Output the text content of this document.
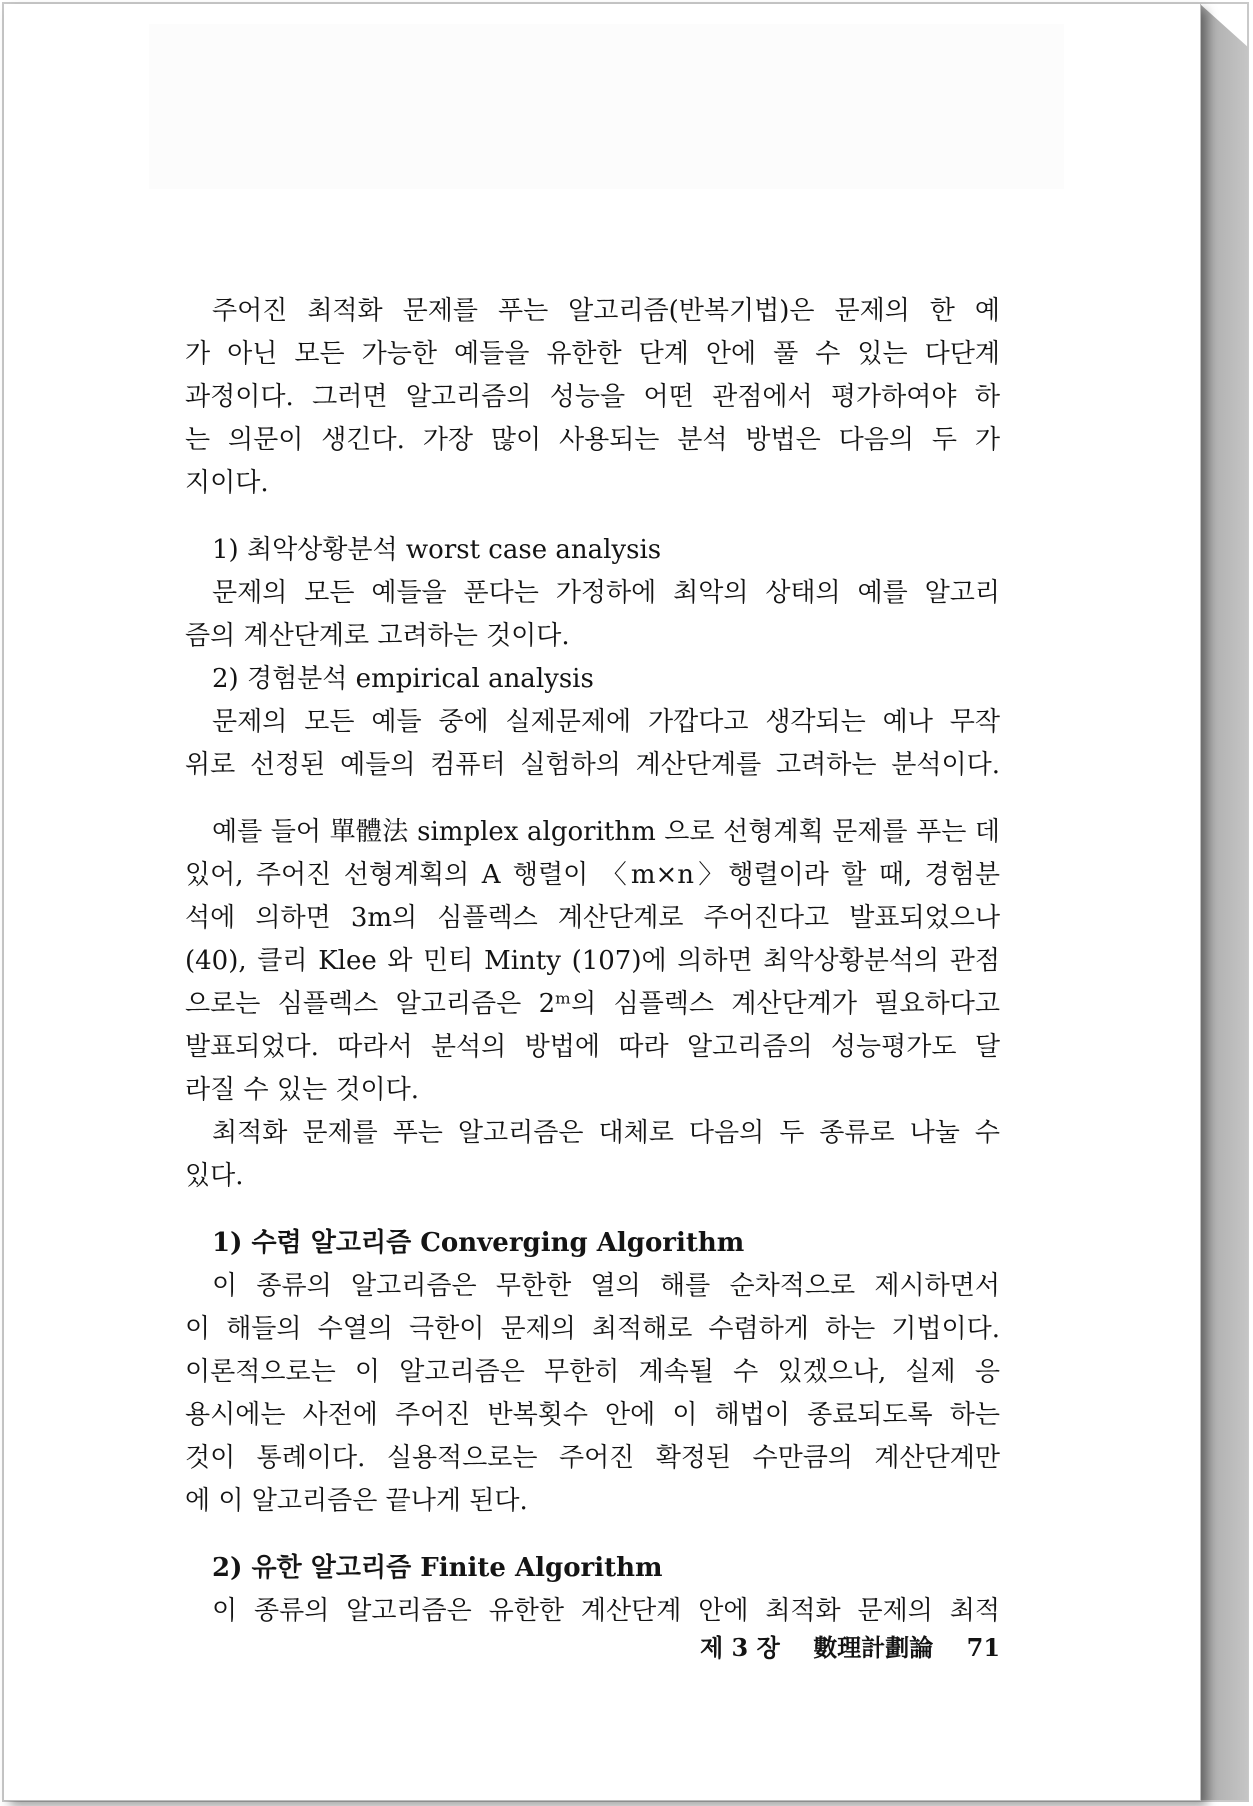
주어진 최적화 문제를 푸는 알고리즘(반복기법)은 문제의 한 예
가 아닌 모든 가능한 예들을 유한한 단계 안에 풀 수 있는 다단계
과정이다. 그러면 알고리즘의 성능을 어떤 관점에서 평가하여야 하
는 의문이 생긴다. 가장 많이 사용되는 분석 방법은 다음의 두 가
지이다.
1) 최악상황분석 worst case analysis
문제의 모든 예들을 푼다는 가정하에 최악의 상태의 예를 알고리
즘의 계산단계로 고려하는 것이다.
2) 경험분석 empirical analysis
문제의 모든 예들 중에 실제문제에 가깝다고 생각되는 예나 무작
위로 선정된 예들의 컴퓨터 실험하의 계산단계를 고려하는 분석이다.
예를 들어 單體法 simplex algorithm 으로 선형계획 문제를 푸는 데
있어, 주어진 선형계획의 A 행렬이 〈m×n〉행렬이라 할 때, 경험분
석에 의하면 3m의 심플렉스 계산단계로 주어진다고 발표되었으나
(40), 클리 Klee 와 민티 Minty (107)에 의하면 최악상황분석의 관점
으로는 심플렉스 알고리즘은 2ᵐ의 심플렉스 계산단계가 필요하다고
발표되었다. 따라서 분석의 방법에 따라 알고리즘의 성능평가도 달
라질 수 있는 것이다.
최적화 문제를 푸는 알고리즘은 대체로 다음의 두 종류로 나눌 수
있다.
1) 수렴 알고리즘 Converging Algorithm
이 종류의 알고리즘은 무한한 열의 해를 순차적으로 제시하면서
이 해들의 수열의 극한이 문제의 최적해로 수렴하게 하는 기법이다.
이론적으로는 이 알고리즘은 무한히 계속될 수 있겠으나, 실제 응
용시에는 사전에 주어진 반복횟수 안에 이 해법이 종료되도록 하는
것이 통례이다. 실용적으로는 주어진 확정된 수만큼의 계산단계만
에 이 알고리즘은 끝나게 된다.
2) 유한 알고리즘 Finite Algorithm
이 종류의 알고리즘은 유한한 계산단계 안에 최적화 문제의 최적
제 3 장 數理計劃論 71
